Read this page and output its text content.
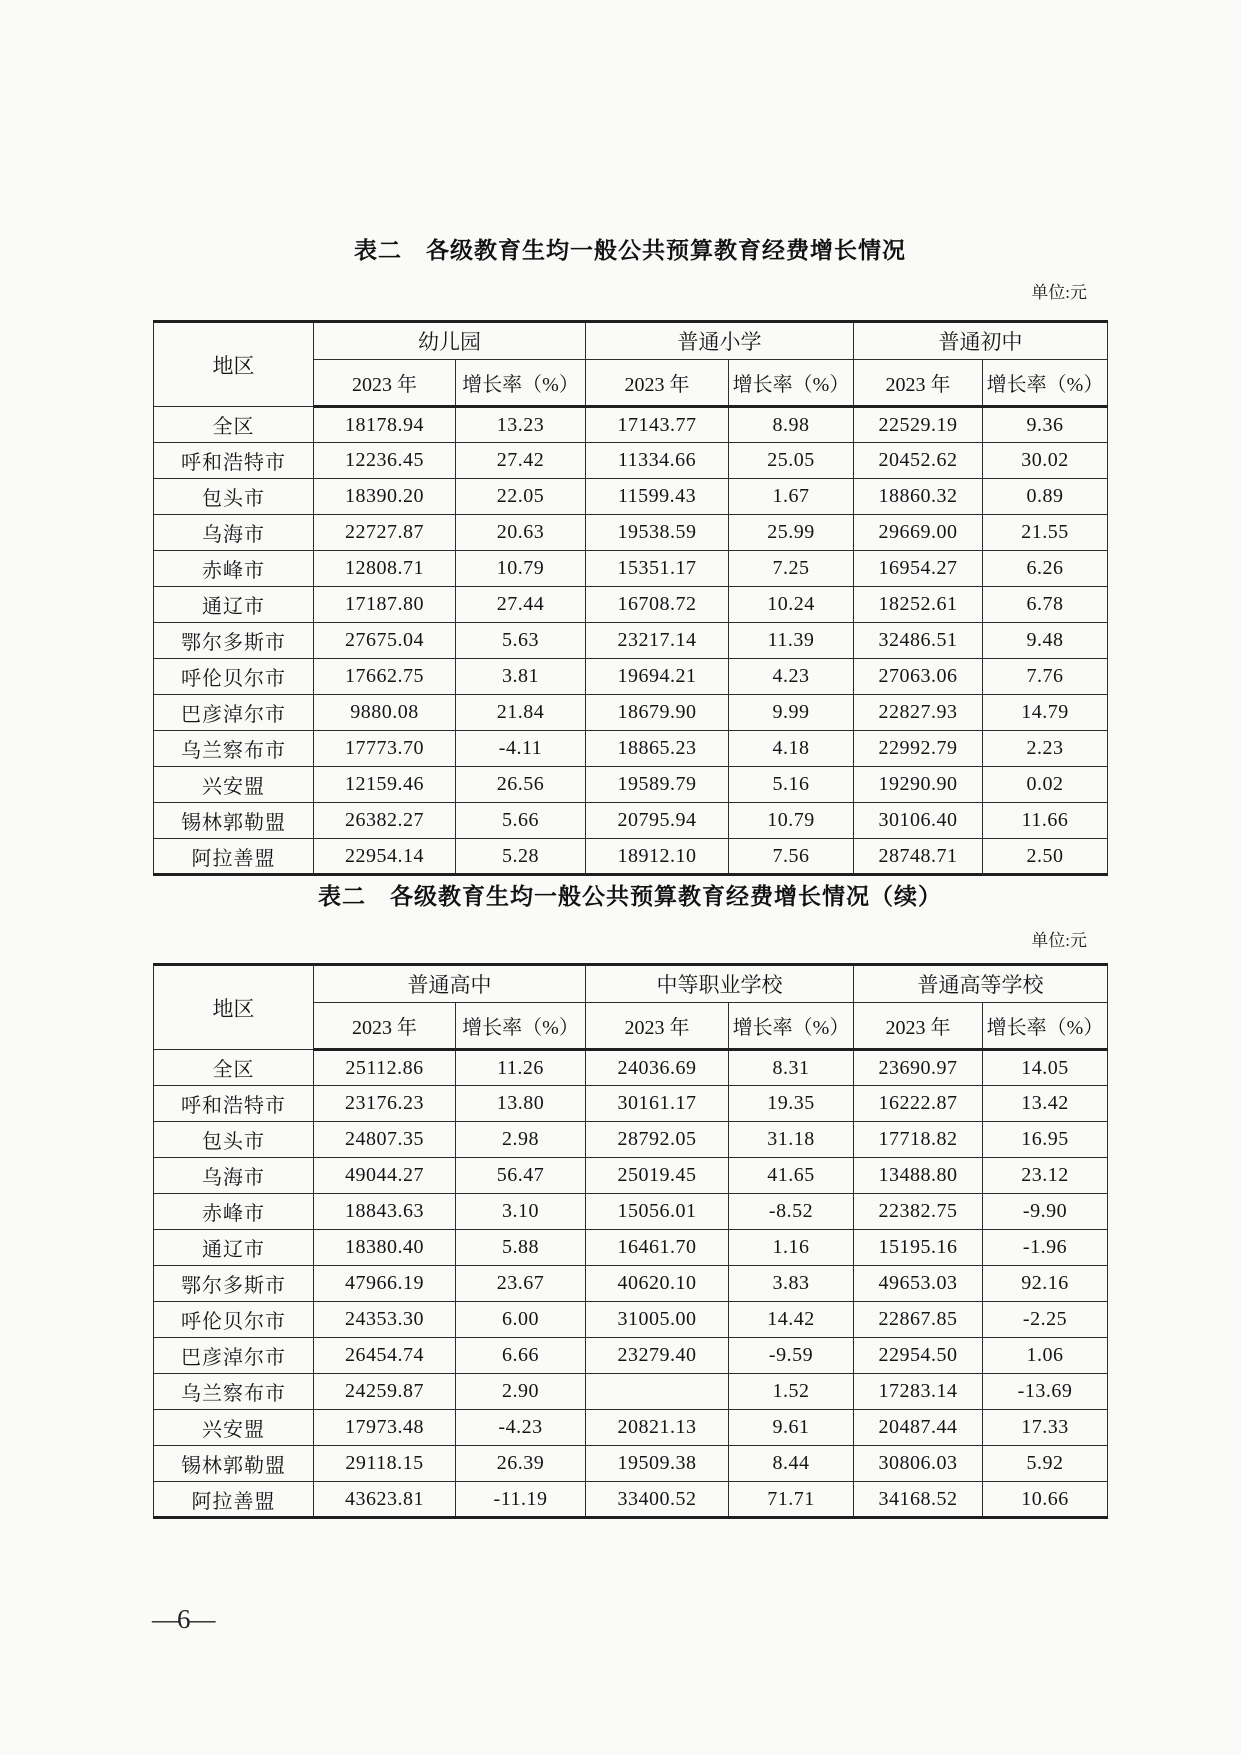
表二　各级教育生均一般公共预算教育经费增长情况
单位:元
地区	幼儿园		普通小学		普通初中	
	2023 年	增长率（%）	2023 年	增长率（%）	2023 年	增长率（%）
全区	18178.94	13.23	17143.77	8.98	22529.19	9.36
呼和浩特市	12236.45	27.42	11334.66	25.05	20452.62	30.02
包头市	18390.20	22.05	11599.43	1.67	18860.32	0.89
乌海市	22727.87	20.63	19538.59	25.99	29669.00	21.55
赤峰市	12808.71	10.79	15351.17	7.25	16954.27	6.26
通辽市	17187.80	27.44	16708.72	10.24	18252.61	6.78
鄂尔多斯市	27675.04	5.63	23217.14	11.39	32486.51	9.48
呼伦贝尔市	17662.75	3.81	19694.21	4.23	27063.06	7.76
巴彦淖尔市	9880.08	21.84	18679.90	9.99	22827.93	14.79
乌兰察布市	17773.70	-4.11	18865.23	4.18	22992.79	2.23
兴安盟	12159.46	26.56	19589.79	5.16	19290.90	0.02
锡林郭勒盟	26382.27	5.66	20795.94	10.79	30106.40	11.66
阿拉善盟	22954.14	5.28	18912.10	7.56	28748.71	2.50
表二　各级教育生均一般公共预算教育经费增长情况（续）
单位:元
地区	普通高中		中等职业学校		普通高等学校	
	2023 年	增长率（%）	2023 年	增长率（%）	2023 年	增长率（%）
全区	25112.86	11.26	24036.69	8.31	23690.97	14.05
呼和浩特市	23176.23	13.80	30161.17	19.35	16222.87	13.42
包头市	24807.35	2.98	28792.05	31.18	17718.82	16.95
乌海市	49044.27	56.47	25019.45	41.65	13488.80	23.12
赤峰市	18843.63	3.10	15056.01	-8.52	22382.75	-9.90
通辽市	18380.40	5.88	16461.70	1.16	15195.16	-1.96
鄂尔多斯市	47966.19	23.67	40620.10	3.83	49653.03	92.16
呼伦贝尔市	24353.30	6.00	31005.00	14.42	22867.85	-2.25
巴彦淖尔市	26454.74	6.66	23279.40	-9.59	22954.50	1.06
乌兰察布市	24259.87	2.90		1.52	17283.14	-13.69
兴安盟	17973.48	-4.23	20821.13	9.61	20487.44	17.33
锡林郭勒盟	29118.15	26.39	19509.38	8.44	30806.03	5.92
阿拉善盟	43623.81	-11.19	33400.52	71.71	34168.52	10.66
—6—
